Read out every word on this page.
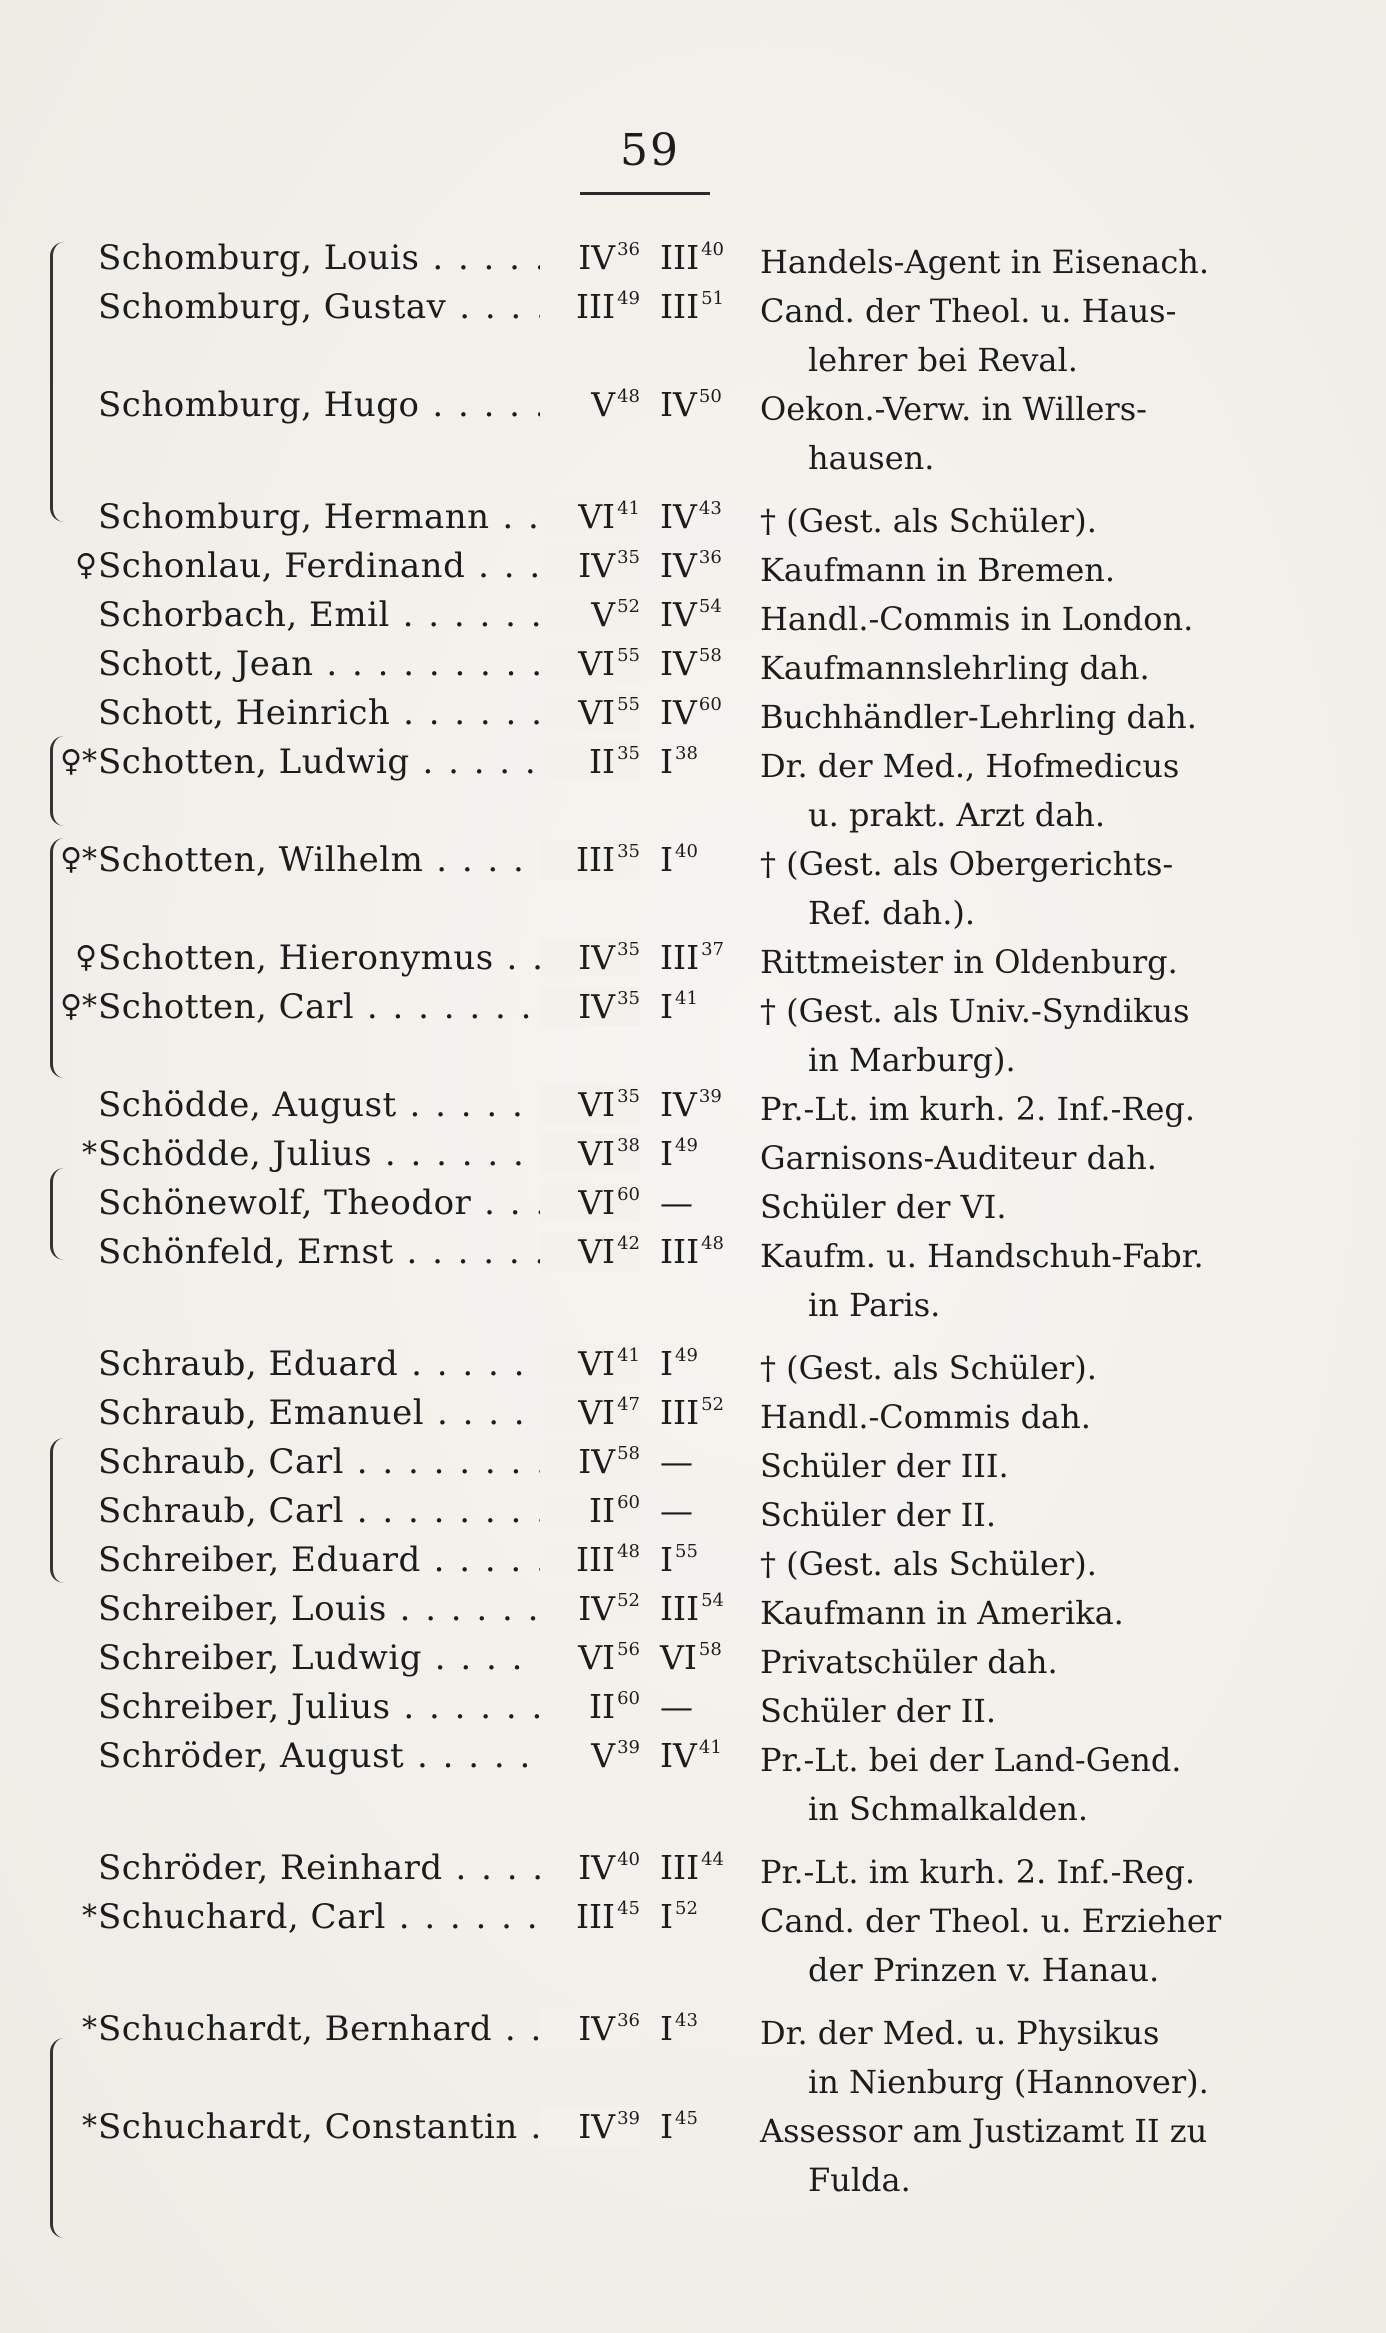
59
Schomburg, Louis . . .	IV $^{36}$ III $^{40}$	Handels-Agent in Eisenach.
Schomburg, Gustav . . .	III $^{49}$ III $^{51}$	Cand. der Theol. u. Haus-
lehrer bei Reval.
Schomburg, Hugo . . .	V $^{48}$ IV $^{50}$	Oekon.-Verw. in Willers-
hausen.
Schomburg, Hermann . . .	VI $^{41}$ IV $^{43}$	† (Gest. als Schüler).
♀ Schonlau, Ferdinand . . .	IV $^{35}$ IV $^{36}$	Kaufmann in Bremen.
Schorbach, Emil . . .	V $^{52}$ IV $^{54}$	Handl.-Commis in London.
Schott, Jean . . .	VI $^{55}$ IV $^{58}$	Kaufmannslehrling dah.
Schott, Heinrich . . .	VI $^{55}$ IV $^{60}$	Buchhändler-Lehrling dah.
♀* Schotten, Ludwig . . .	II $^{35}$ I $^{38}$	Dr. der Med., Hofmedicus
u. prakt. Arzt dah.
♀* Schotten, Wilhelm . . .	III $^{35}$ I $^{40}$	† (Gest. als Obergerichts-
Ref. dah.).
♀ Schotten, Hieronymus . . .	IV $^{35}$ III $^{37}$	Rittmeister in Oldenburg.
♀* Schotten, Carl . . .	IV $^{35}$ I $^{41}$	† (Gest. als Univ.-Syndikus
in Marburg).
Schödde, August . . .	VI $^{35}$ IV $^{39}$	Pr.-Lt. im kurh. 2. Inf.-Reg.
* Schödde, Julius . . .	VI $^{38}$ I $^{49}$	Garnisons-Auditeur dah.
Schönewolf, Theodor . . .	VI $^{60}$ —	Schüler der VI.
Schönfeld, Ernst . . .	VI $^{42}$ III $^{48}$	Kaufm. u. Handschuh-Fabr.
in Paris.
Schraub, Eduard . . .	VI $^{41}$ I $^{49}$	† (Gest. als Schüler).
Schraub, Emanuel . . .	VI $^{47}$ III $^{52}$	Handl.-Commis dah.
Schraub, Carl . . .	IV $^{58}$ —	Schüler der III.
Schraub, Carl . . .	II $^{60}$ —	Schüler der II.
Schreiber, Eduard . . .	III $^{48}$ I $^{55}$	† (Gest. als Schüler).
Schreiber, Louis . . .	IV $^{52}$ III $^{54}$	Kaufmann in Amerika.
Schreiber, Ludwig . . .	VI $^{56}$ VI $^{58}$	Privatschüler dah.
Schreiber, Julius . . .	II $^{60}$ —	Schüler der II.
Schröder, August . . .	V $^{39}$ IV $^{41}$	Pr.-Lt. bei der Land-Gend.
in Schmalkalden.
Schröder, Reinhard . . .	IV $^{40}$ III $^{44}$	Pr.-Lt. im kurh. 2. Inf.-Reg.
* Schuchard, Carl . . .	III $^{45}$ I $^{52}$	Cand. der Theol. u. Erzieher
der Prinzen v. Hanau.
* Schuchardt, Bernhard . . .	IV $^{36}$ I $^{43}$	Dr. der Med. u. Physikus
in Nienburg (Hannover).
* Schuchardt, Constantin . . .	IV $^{39}$ I $^{45}$	Assessor am Justizamt II zu
Fulda.
